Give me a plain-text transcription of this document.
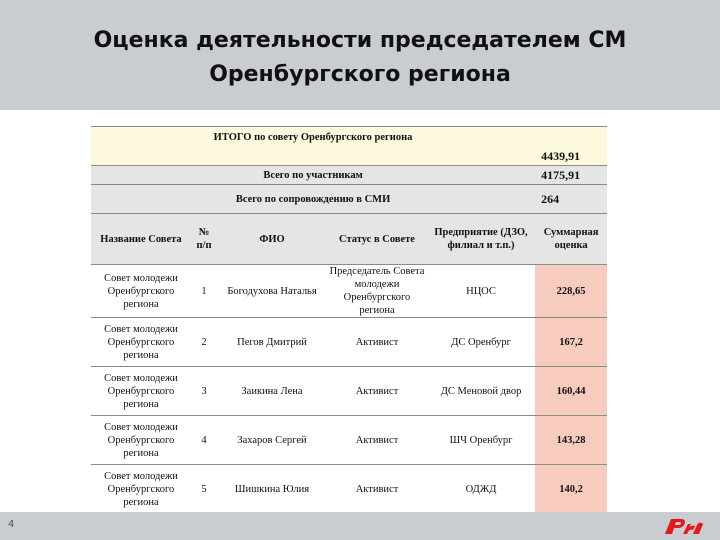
Оценка деятельности председателем СМ
Оренбургского региона
ИТОГО по совету Оренбургского региона					4439,91
Всего по участникам					4175,91
Всего по сопровождению в СМИ					264
Название Совета	№ п/п	ФИО	Статус в Совете	Предприятие (ДЗО, филиал и т.п.)	Суммарная оценка
Совет молодежи Оренбургского региона	1	Богодухова Наталья	Председатель Совета молодежи Оренбургского региона	НЦОС	228,65
Совет молодежи Оренбургского региона	2	Пегов Дмитрий	Активист	ДС Оренбург	167,2
Совет молодежи Оренбургского региона	3	Заикина Лена	Активист	ДС Меновой двор	160,44
Совет молодежи Оренбургского региона	4	Захаров Сергей	Активист	ШЧ Оренбург	143,28
Совет молодежи Оренбургского региона	5	Шишкина Юлия	Активист	ОДЖД	140,2
4
